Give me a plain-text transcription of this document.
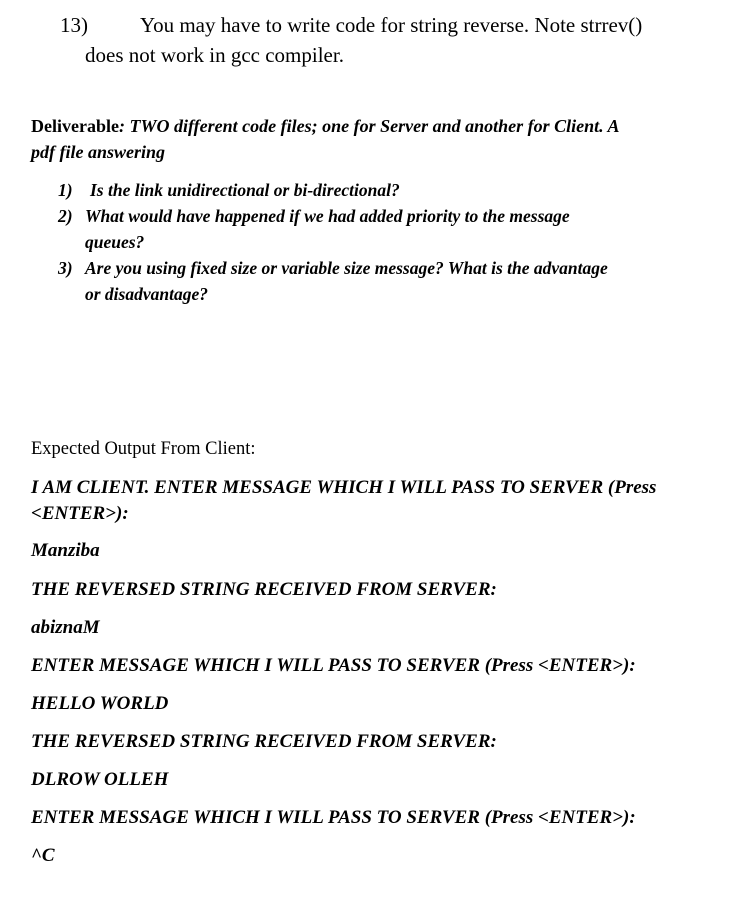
13) You may have to write code for string reverse. Note strrev()
does not work in gcc compiler.
Deliverable: TWO different code files; one for Server and another for Client. A
pdf file answering
1) Is the link unidirectional or bi-directional?
2) What would have happened if we had added priority to the message
queues?
3) Are you using fixed size or variable size message? What is the advantage
or disadvantage?
Expected Output From Client:
I AM CLIENT. ENTER MESSAGE WHICH I WILL PASS TO SERVER (Press
<ENTER>):
Manziba
THE REVERSED STRING RECEIVED FROM SERVER:
abiznaM
ENTER MESSAGE WHICH I WILL PASS TO SERVER (Press <ENTER>):
HELLO WORLD
THE REVERSED STRING RECEIVED FROM SERVER:
DLROW OLLEH
ENTER MESSAGE WHICH I WILL PASS TO SERVER (Press <ENTER>):
^C
